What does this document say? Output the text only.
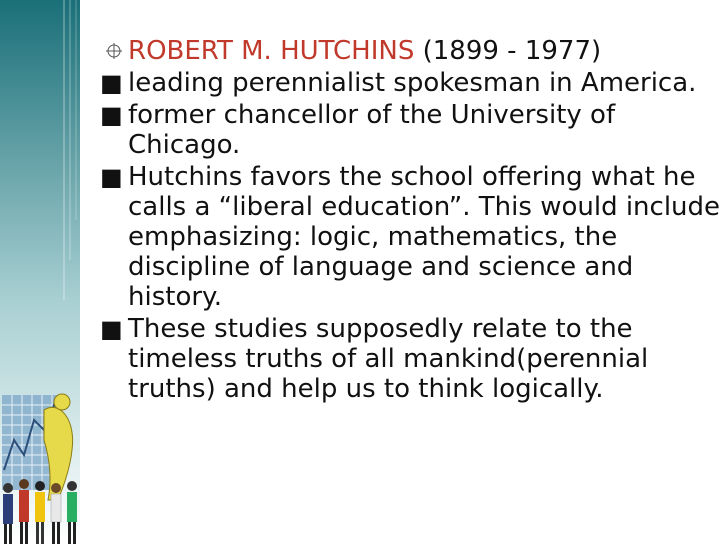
ROBERT M. HUTCHINS (1899 - 1977)
■ leading perennialist spokesman in America.
■ former chancellor of the University of Chicago.
■ Hutchins favors the school offering what he calls a “liberal education”. This would include emphasizing: logic, mathematics, the discipline of language and science and history.
■ These studies supposedly relate to the timeless truths of all mankind(perennial truths) and help us to think logically.
